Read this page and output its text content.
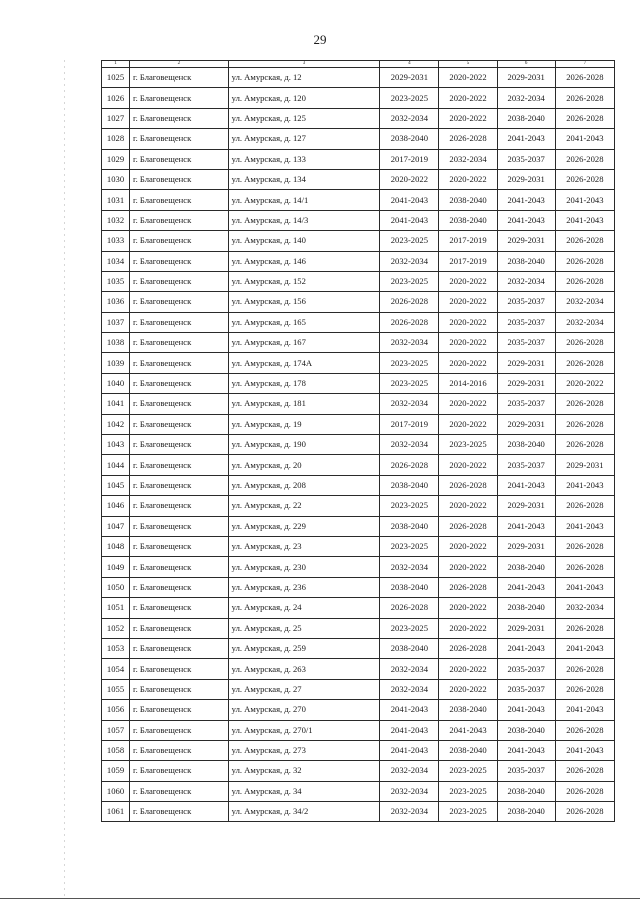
29
1	2	3	4	5	6	7
1025	г. Благовещенск	ул. Амурская, д. 12	2029-2031	2020-2022	2029-2031	2026-2028
1026	г. Благовещенск	ул. Амурская, д. 120	2023-2025	2020-2022	2032-2034	2026-2028
1027	г. Благовещенск	ул. Амурская, д. 125	2032-2034	2020-2022	2038-2040	2026-2028
1028	г. Благовещенск	ул. Амурская, д. 127	2038-2040	2026-2028	2041-2043	2041-2043
1029	г. Благовещенск	ул. Амурская, д. 133	2017-2019	2032-2034	2035-2037	2026-2028
1030	г. Благовещенск	ул. Амурская, д. 134	2020-2022	2020-2022	2029-2031	2026-2028
1031	г. Благовещенск	ул. Амурская, д. 14/1	2041-2043	2038-2040	2041-2043	2041-2043
1032	г. Благовещенск	ул. Амурская, д. 14/3	2041-2043	2038-2040	2041-2043	2041-2043
1033	г. Благовещенск	ул. Амурская, д. 140	2023-2025	2017-2019	2029-2031	2026-2028
1034	г. Благовещенск	ул. Амурская, д. 146	2032-2034	2017-2019	2038-2040	2026-2028
1035	г. Благовещенск	ул. Амурская, д. 152	2023-2025	2020-2022	2032-2034	2026-2028
1036	г. Благовещенск	ул. Амурская, д. 156	2026-2028	2020-2022	2035-2037	2032-2034
1037	г. Благовещенск	ул. Амурская, д. 165	2026-2028	2020-2022	2035-2037	2032-2034
1038	г. Благовещенск	ул. Амурская, д. 167	2032-2034	2020-2022	2035-2037	2026-2028
1039	г. Благовещенск	ул. Амурская, д. 174А	2023-2025	2020-2022	2029-2031	2026-2028
1040	г. Благовещенск	ул. Амурская, д. 178	2023-2025	2014-2016	2029-2031	2020-2022
1041	г. Благовещенск	ул. Амурская, д. 181	2032-2034	2020-2022	2035-2037	2026-2028
1042	г. Благовещенск	ул. Амурская, д. 19	2017-2019	2020-2022	2029-2031	2026-2028
1043	г. Благовещенск	ул. Амурская, д. 190	2032-2034	2023-2025	2038-2040	2026-2028
1044	г. Благовещенск	ул. Амурская, д. 20	2026-2028	2020-2022	2035-2037	2029-2031
1045	г. Благовещенск	ул. Амурская, д. 208	2038-2040	2026-2028	2041-2043	2041-2043
1046	г. Благовещенск	ул. Амурская, д. 22	2023-2025	2020-2022	2029-2031	2026-2028
1047	г. Благовещенск	ул. Амурская, д. 229	2038-2040	2026-2028	2041-2043	2041-2043
1048	г. Благовещенск	ул. Амурская, д. 23	2023-2025	2020-2022	2029-2031	2026-2028
1049	г. Благовещенск	ул. Амурская, д. 230	2032-2034	2020-2022	2038-2040	2026-2028
1050	г. Благовещенск	ул. Амурская, д. 236	2038-2040	2026-2028	2041-2043	2041-2043
1051	г. Благовещенск	ул. Амурская, д. 24	2026-2028	2020-2022	2038-2040	2032-2034
1052	г. Благовещенск	ул. Амурская, д. 25	2023-2025	2020-2022	2029-2031	2026-2028
1053	г. Благовещенск	ул. Амурская, д. 259	2038-2040	2026-2028	2041-2043	2041-2043
1054	г. Благовещенск	ул. Амурская, д. 263	2032-2034	2020-2022	2035-2037	2026-2028
1055	г. Благовещенск	ул. Амурская, д. 27	2032-2034	2020-2022	2035-2037	2026-2028
1056	г. Благовещенск	ул. Амурская, д. 270	2041-2043	2038-2040	2041-2043	2041-2043
1057	г. Благовещенск	ул. Амурская, д. 270/1	2041-2043	2041-2043	2038-2040	2026-2028
1058	г. Благовещенск	ул. Амурская, д. 273	2041-2043	2038-2040	2041-2043	2041-2043
1059	г. Благовещенск	ул. Амурская, д. 32	2032-2034	2023-2025	2035-2037	2026-2028
1060	г. Благовещенск	ул. Амурская, д. 34	2032-2034	2023-2025	2038-2040	2026-2028
1061	г. Благовещенск	ул. Амурская, д. 34/2	2032-2034	2023-2025	2038-2040	2026-2028
